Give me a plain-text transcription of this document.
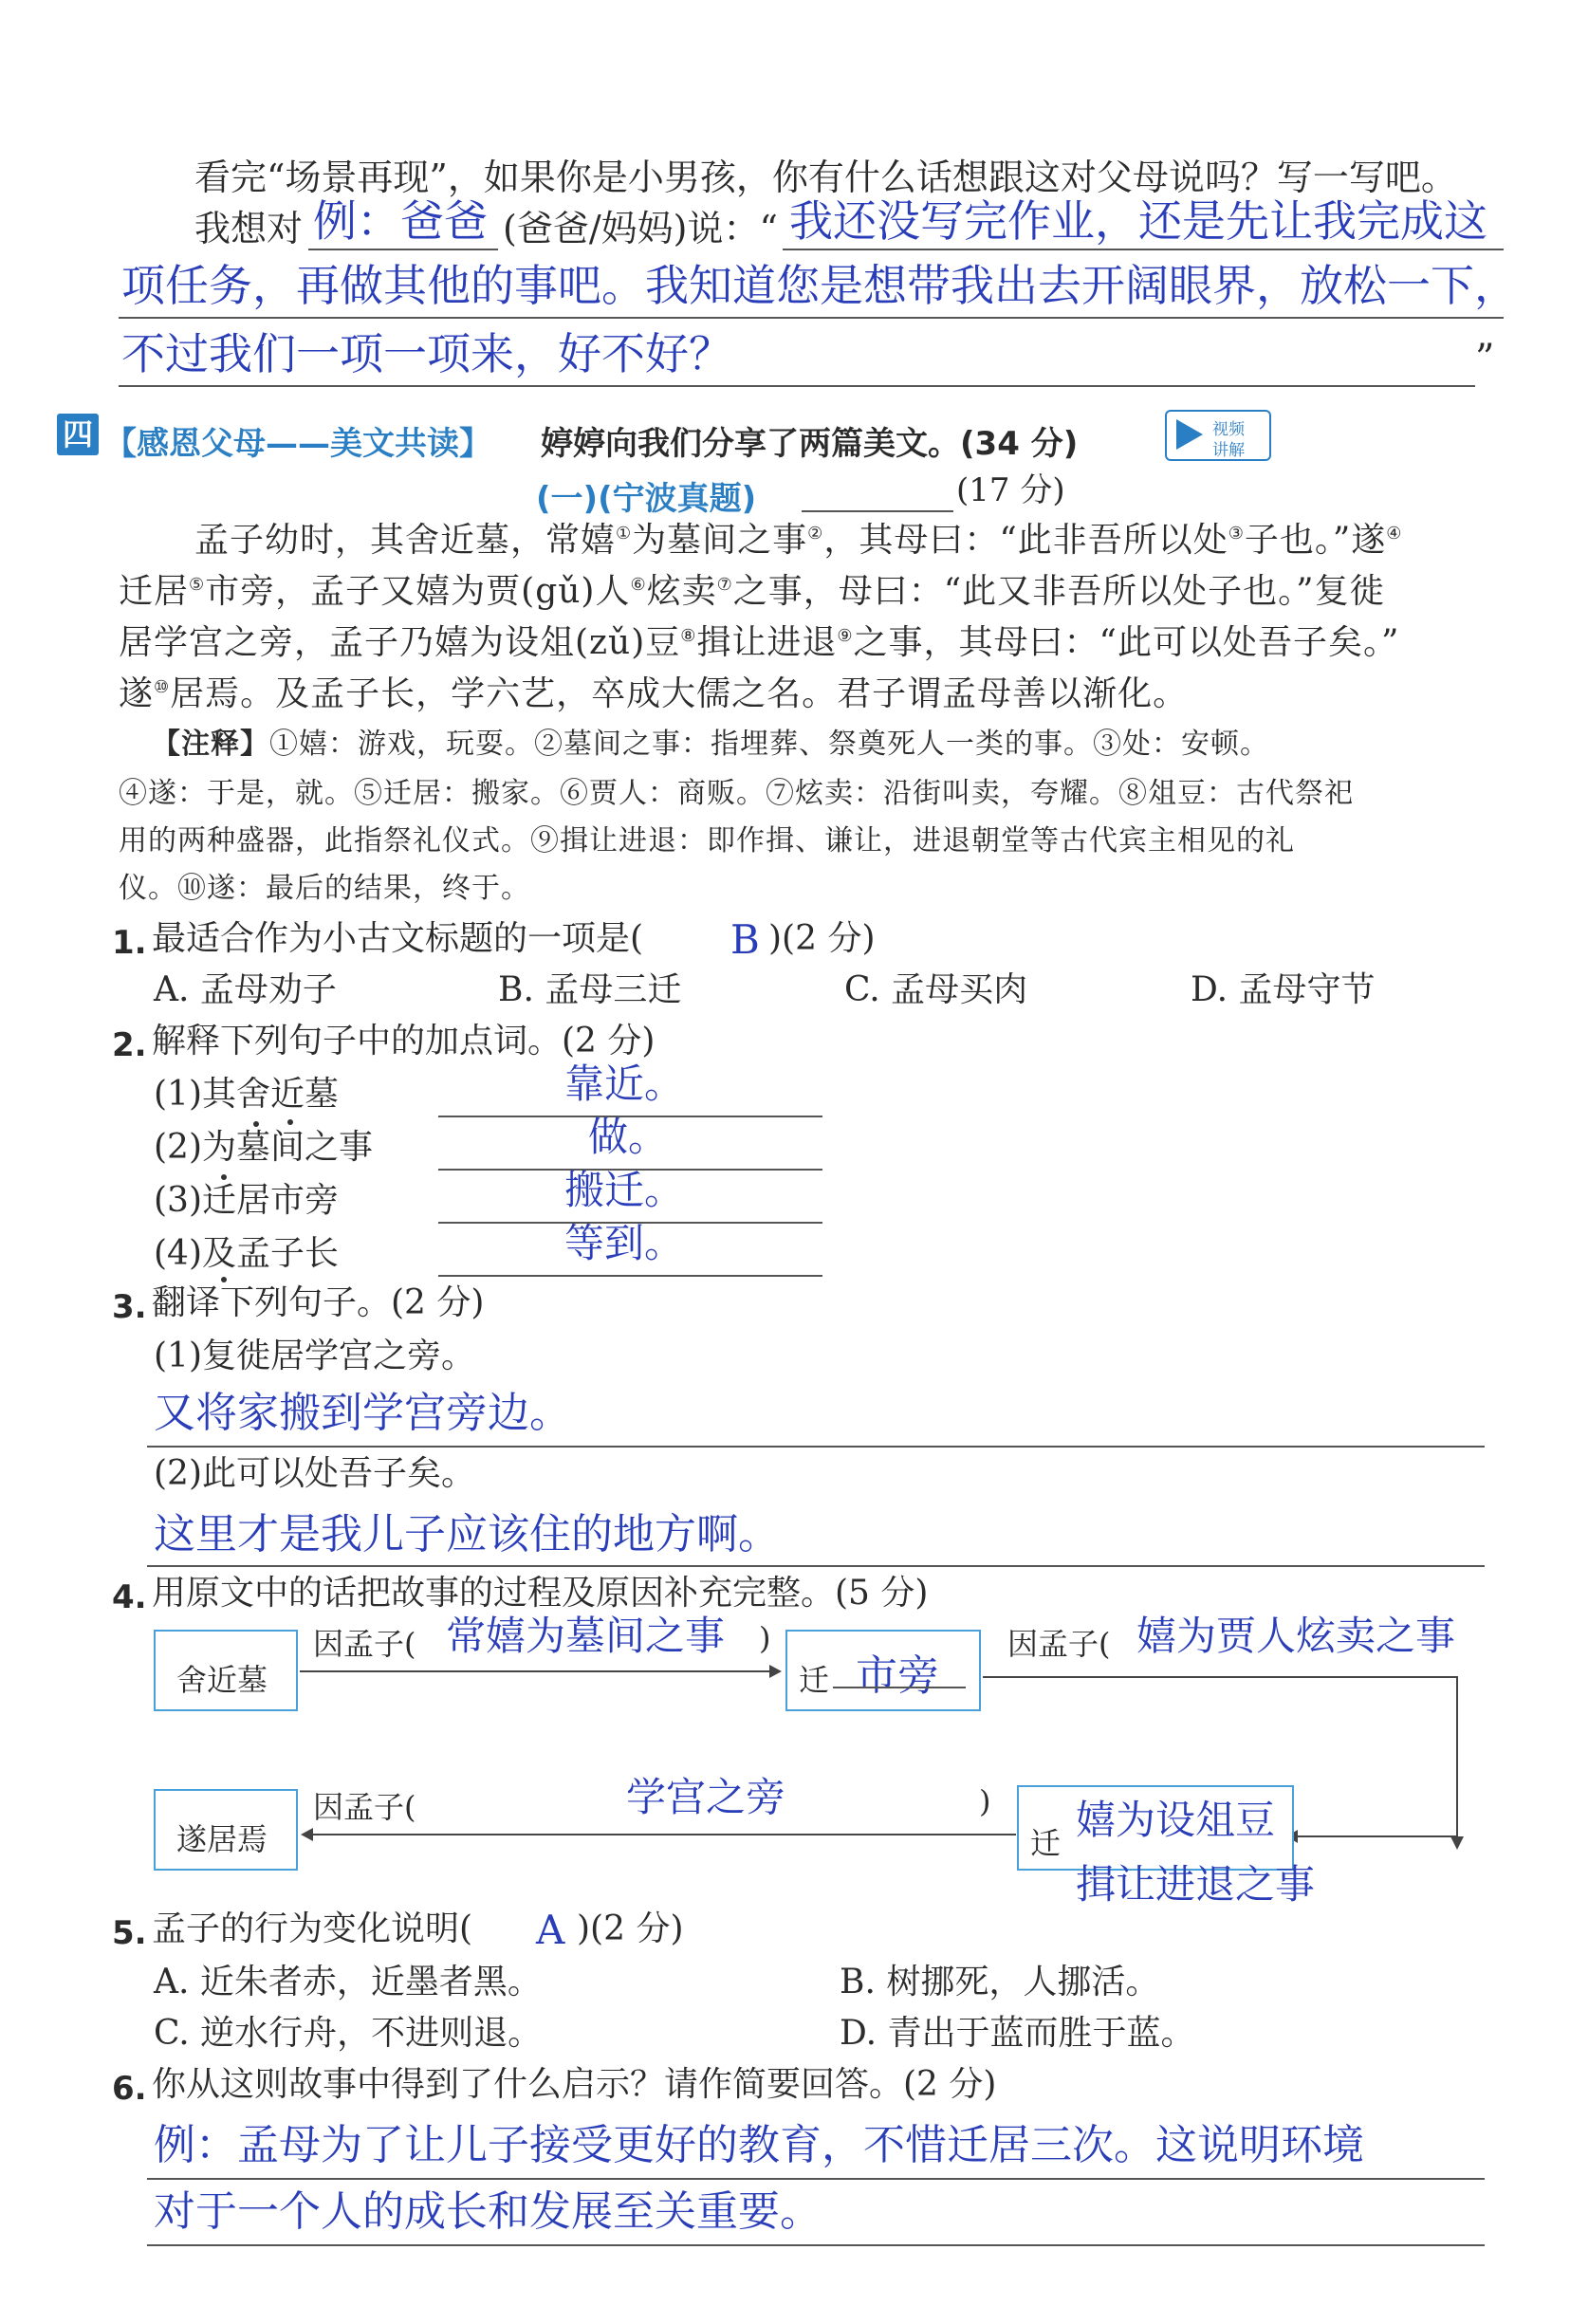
看完“场景再现”，如果你是小男孩，你有什么话想跟这对父母说吗？写一写吧。
我想对 例：爸爸 (爸爸/妈妈)说：“ 我还没写完作业，还是先让我完成这
项任务，再做其他的事吧。我知道您是想带我出去开阔眼界，放松一下，
不过我们一项一项来，好不好？	”
四 【感恩父母——美文共读】 婷婷向我们分享了两篇美文。(34 分)	视频
讲解
(一)(宁波真题)	(17 分)
孟子幼时，其舍近墓，常嬉①为墓间之事②，其母曰：“此非吾所以处③子也。”遂④
迁居⑤市旁，孟子又嬉为贾(gǔ)人⑥炫卖⑦之事，母曰：“此又非吾所以处子也。”复徙
居学宫之旁，孟子乃嬉为设俎(zǔ)豆⑧揖让进退⑨之事，其母曰：“此可以处吾子矣。”
遂⑩居焉。及孟子长，学六艺，卒成大儒之名。君子谓孟母善以渐化。
【注释】①嬉：游戏，玩耍。②墓间之事：指埋葬、祭奠死人一类的事。③处：安顿。
④遂：于是，就。⑤迁居：搬家。⑥贾人：商贩。⑦炫卖：沿街叫卖，夸耀。⑧俎豆：古代祭祀
用的两种盛器，此指祭礼仪式。⑨揖让进退：即作揖、谦让，进退朝堂等古代宾主相见的礼
仪。⑩遂：最后的结果，终于。
1. 最适合作为小古文标题的一项是( B )(2 分)
A. 孟母劝子	B. 孟母三迁	C. 孟母买肉	D. 孟母守节
2. 解释下列句子中的加点词。(2 分)
(1)其舍近墓	靠近。
(2)为墓间之事	做。
(3)迁居市旁	搬迁。
(4)及孟子长	等到。
3. 翻译下列句子。(2 分)
(1)复徙居学宫之旁。
又将家搬到学宫旁边。
(2)此可以处吾子矣。
这里才是我儿子应该住的地方啊。
4. 用原文中的话把故事的过程及原因补充完整。(5 分)
舍近墓
因孟子( 常嬉为墓间之事 )
迁 市旁
因孟子( 嬉为贾人炫卖之事
遂居焉
因孟子(	学宫之旁	)
迁 嬉为设俎豆
揖让进退之事
5. 孟子的行为变化说明( A )(2 分)
A. 近朱者赤，近墨者黑。	B. 树挪死，人挪活。
C. 逆水行舟，不进则退。	D. 青出于蓝而胜于蓝。
6. 你从这则故事中得到了什么启示？请作简要回答。(2 分)
例：孟母为了让儿子接受更好的教育，不惜迁居三次。这说明环境
对于一个人的成长和发展至关重要。
